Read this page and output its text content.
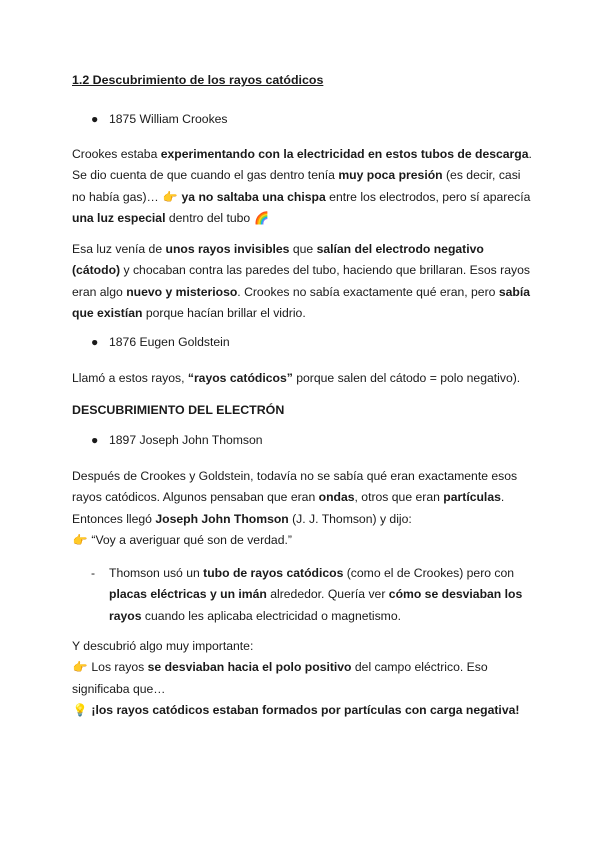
1.2 Descubrimiento de los rayos catódicos

● 1875 William Crookes

Crookes estaba experimentando con la electricidad en estos tubos de descarga. Se dio cuenta de que cuando el gas dentro tenía muy poca presión (es decir, casi no había gas)… 👉 ya no saltaba una chispa entre los electrodos, pero sí aparecía una luz especial dentro del tubo 🌈

Esa luz venía de unos rayos invisibles que salían del electrodo negativo (cátodo) y chocaban contra las paredes del tubo, haciendo que brillaran. Esos rayos eran algo nuevo y misterioso. Crookes no sabía exactamente qué eran, pero sabía que existían porque hacían brillar el vidrio.

● 1876 Eugen Goldstein

Llamó a estos rayos, “rayos catódicos” porque salen del cátodo = polo negativo).

DESCUBRIMIENTO DEL ELECTRÓN

● 1897 Joseph John Thomson

Después de Crookes y Goldstein, todavía no se sabía qué eran exactamente esos rayos catódicos. Algunos pensaban que eran ondas, otros que eran partículas. Entonces llegó Joseph John Thomson (J. J. Thomson) y dijo:
👉 “Voy a averiguar qué son de verdad.”

-	Thomson usó un tubo de rayos catódicos (como el de Crookes) pero con placas eléctricas y un imán alrededor. Quería ver cómo se desviaban los rayos cuando les aplicaba electricidad o magnetismo.

Y descubrió algo muy importante:
👉 Los rayos se desviaban hacia el polo positivo del campo eléctrico. Eso significaba que…
💡 ¡los rayos catódicos estaban formados por partículas con carga negativa!
